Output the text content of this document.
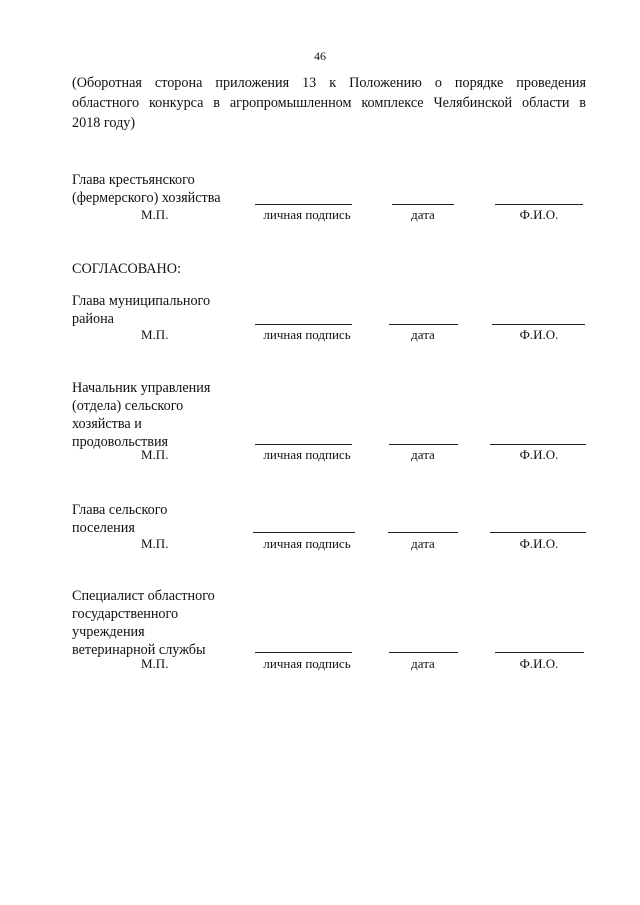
46
(Оборотная сторона приложения 13 к Положению о порядке проведения
областного конкурса в агропромышленном комплексе Челябинской области в
2018 году)
Глава крестьянского
(фермерского) хозяйства
М.П.	личная подпись	дата	Ф.И.О.
СОГЛАСОВАНО:
Глава муниципального
района
М.П.	личная подпись	дата	Ф.И.О.
Начальник управления
(отдела) сельского
хозяйства и
продовольствия
М.П.	личная подпись	дата	Ф.И.О.
Глава сельского
поселения
М.П.	личная подпись	дата	Ф.И.О.
Специалист областного
государственного
учреждения
ветеринарной службы
М.П.	личная подпись	дата	Ф.И.О.
